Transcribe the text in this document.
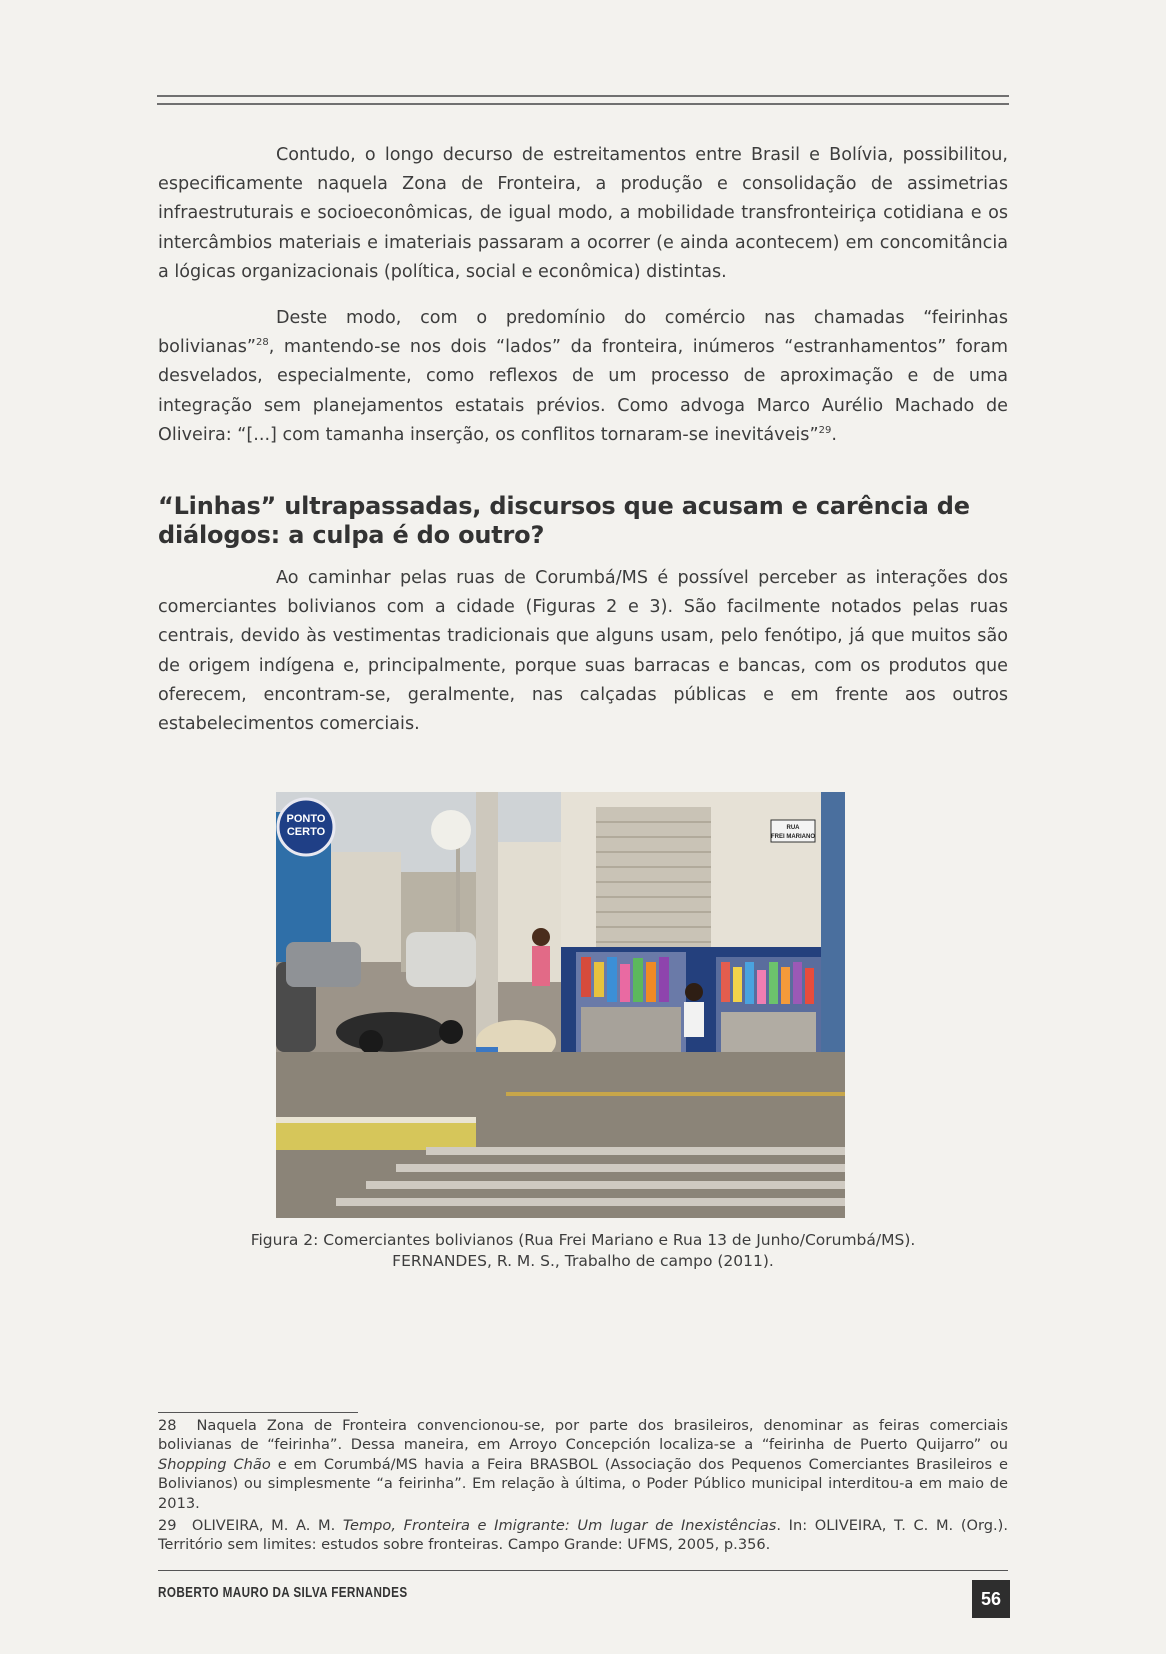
Contudo, o longo decurso de estreitamentos entre Brasil e Bolívia, possibilitou, especificamente naquela Zona de Fronteira, a produção e consolidação de assimetrias infraestruturais e socioeconômicas, de igual modo, a mobilidade transfronteiriça cotidiana e os intercâmbios materiais e imateriais passaram a ocorrer (e ainda acontecem) em concomitância a lógicas organizacionais (política, social e econômica) distintas.

Deste modo, com o predomínio do comércio nas chamadas “feirinhas bolivianas”$^{28}$, mantendo-se nos dois “lados” da fronteira, inúmeros “estranhamentos” foram desvelados, especialmente, como reflexos de um processo de aproximação e de uma integração sem planejamentos estatais prévios. Como advoga Marco Aurélio Machado de Oliveira: “[...] com tamanha inserção, os conflitos tornaram-se inevitáveis”$^{29}$.

“Linhas” ultrapassadas, discursos que acusam e carência de diálogos: a culpa é do outro?

Ao caminhar pelas ruas de Corumbá/MS é possível perceber as interações dos comerciantes bolivianos com a cidade (Figuras 2 e 3). São facilmente notados pelas ruas centrais, devido às vestimentas tradicionais que alguns usam, pelo fenótipo, já que muitos são de origem indígena e, principalmente, porque suas barracas e bancas, com os produtos que oferecem, encontram-se, geralmente, nas calçadas públicas e em frente aos outros estabelecimentos comerciais.

PONTO
CERTO	RUA
FREI MARIANO
Figura 2: Comerciantes bolivianos (Rua Frei Mariano e Rua 13 de Junho/Corumbá/MS).
FERNANDES, R. M. S., Trabalho de campo (2011).

28 Naquela Zona de Fronteira convencionou-se, por parte dos brasileiros, denominar as feiras comerciais bolivianas de “feirinha”. Dessa maneira, em Arroyo Concepción localiza-se a “feirinha de Puerto Quijarro” ou Shopping Chão e em Corumbá/MS havia a Feira BRASBOL (Associação dos Pequenos Comerciantes Brasileiros e Bolivianos) ou simplesmente “a feirinha”. Em relação à última, o Poder Público municipal interditou-a em maio de 2013.

29 OLIVEIRA, M. A. M. Tempo, Fronteira e Imigrante: Um lugar de Inexistências. In: OLIVEIRA, T. C. M. (Org.). Território sem limites: estudos sobre fronteiras. Campo Grande: UFMS, 2005, p.356.

ROBERTO MAURO DA SILVA FERNANDES	56
